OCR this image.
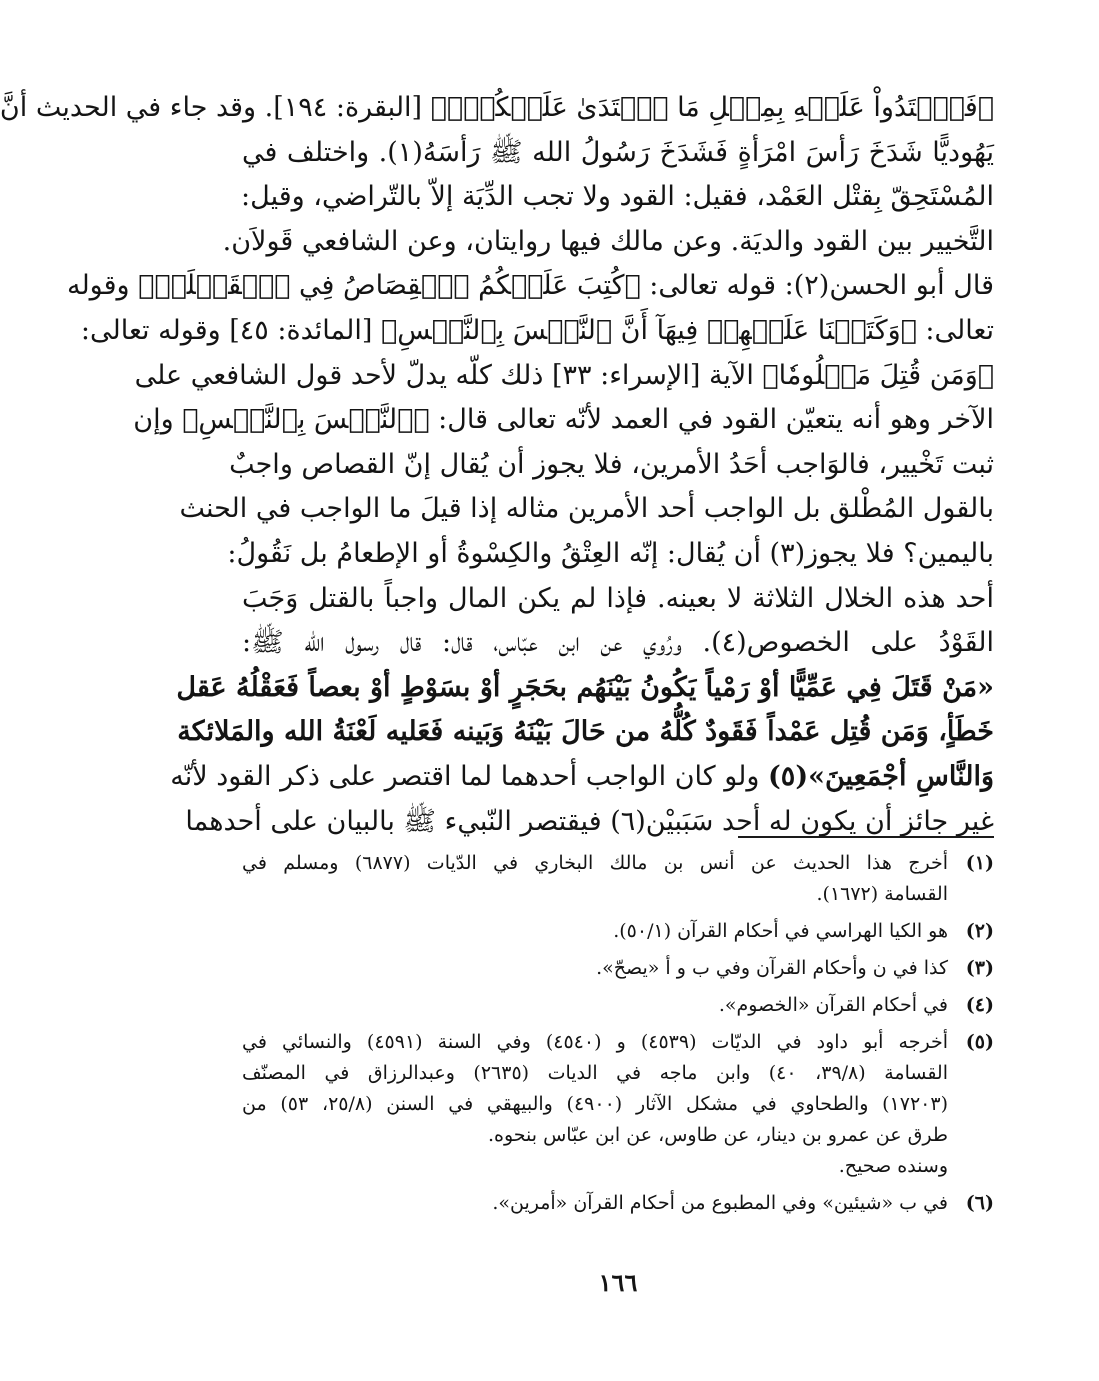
﴿فَٱعۡتَدُواْ عَلَيۡهِ بِمِثۡلِ مَا ٱعۡتَدَىٰ عَلَيۡكُمۡۚ﴾ [البقرة: ١٩٤]. وقد جاء في الحديث أنَّ
يَهُوديًّا شَدَخَ رَأسَ امْرَأةٍ فَشَدَخَ رَسُولُ الله ﷺ رَأسَهُ(١). واختلف في
المُسْتَحِقّ بِقتْل العَمْد، فقيل: القود ولا تجب الدِّيَة إلاّ بالتّراضي، وقيل:
التَّخيير بين القود والديَة. وعن مالك فيها روايتان، وعن الشافعي قَولاَن.
قال أبو الحسن(٢): قوله تعالى: ﴿كُتِبَ عَلَيۡكُمُ ٱلۡقِصَاصُ فِي ٱلۡقَتۡلَىۖ﴾ وقوله
تعالى: ﴿وَكَتَبۡنَا عَلَيۡهِمۡ فِيهَآ أَنَّ ٱلنَّفۡسَ بِٱلنَّفۡسِ﴾ [المائدة: ٤٥] وقوله تعالى:
﴿وَمَن قُتِلَ مَظۡلُومٗا﴾ الآية [الإسراء: ٣٣] ذلك كلّه يدلّ لأحد قول الشافعي على
الآخر وهو أنه يتعيّن القود في العمد لأنّه تعالى قال: ﴿ٱلنَّفۡسَ بِٱلنَّفۡسِ﴾ وإن
ثبت تَخْيير، فالوَاجب أحَدُ الأمرين، فلا يجوز أن يُقال إنّ القصاص واجبٌ
بالقول المُطْلق بل الواجب أحد الأمرين مثاله إذا قيلَ ما الواجب في الحنث
باليمين؟ فلا يجوز(٣) أن يُقال: إنّه العِتْقُ والكِسْوةُ أو الإطعامُ بل نَقُولُ:
أحد هذه الخلال الثلاثة لا بعينه. فإذا لم يكن المال واجباً بالقتل وَجَبَ
القَوْدُ على الخصوص(٤). ورُوي عن ابن عبّاس، قال: قال رسول الله ﷺ:
«مَنْ قَتَلَ فِي عَمِّيًّا أوْ رَمْياً يَكُونُ بَيْنَهُم بحَجَرٍ أوْ بسَوْطٍ أوْ بعصاً فَعَقْلُهُ عَقل
خَطَأٍ، وَمَن قُتِل عَمْداً فَقَودٌ كُلُّهُ من حَالَ بَيْنَهُ وَبَينه فَعَليه لَعْنَةُ الله والمَلائكة
وَالنَّاسِ أجْمَعِينَ»(٥) ولو كان الواجب أحدهما لما اقتصر على ذكر القود لأنّه
غير جائز أن يكون له أحد سَبَبيْن(٦) فيقتصر النّبيء ﷺ بالبيان على أحدهما
(١)
أخرج هذا الحديث عن أنس بن مالك البخاري في الدّيات (٦٨٧٧) ومسلم في
القسامة (١٦٧٢).
(٢)
هو الكيا الهراسي في أحكام القرآن (٥٠/١).
(٣)
كذا في ن وأحكام القرآن وفي ب و أ «يصحّ».
(٤)
في أحكام القرآن «الخصوم».
(٥)
أخرجه أبو داود في الديّات (٤٥٣٩) و (٤٥٤٠) وفي السنة (٤٥٩١) والنسائي في
القسامة (٣٩/٨، ٤٠) وابن ماجه في الديات (٢٦٣٥) وعبدالرزاق في المصنّف
(١٧٢٠٣) والطحاوي في مشكل الآثار (٤٩٠٠) والبيهقي في السنن (٢٥/٨، ٥٣) من
طرق عن عمرو بن دينار، عن طاوس، عن ابن عبّاس بنحوه.
وسنده صحيح.
(٦)
في ب «شيئين» وفي المطبوع من أحكام القرآن «أمرين».
١٦٦
